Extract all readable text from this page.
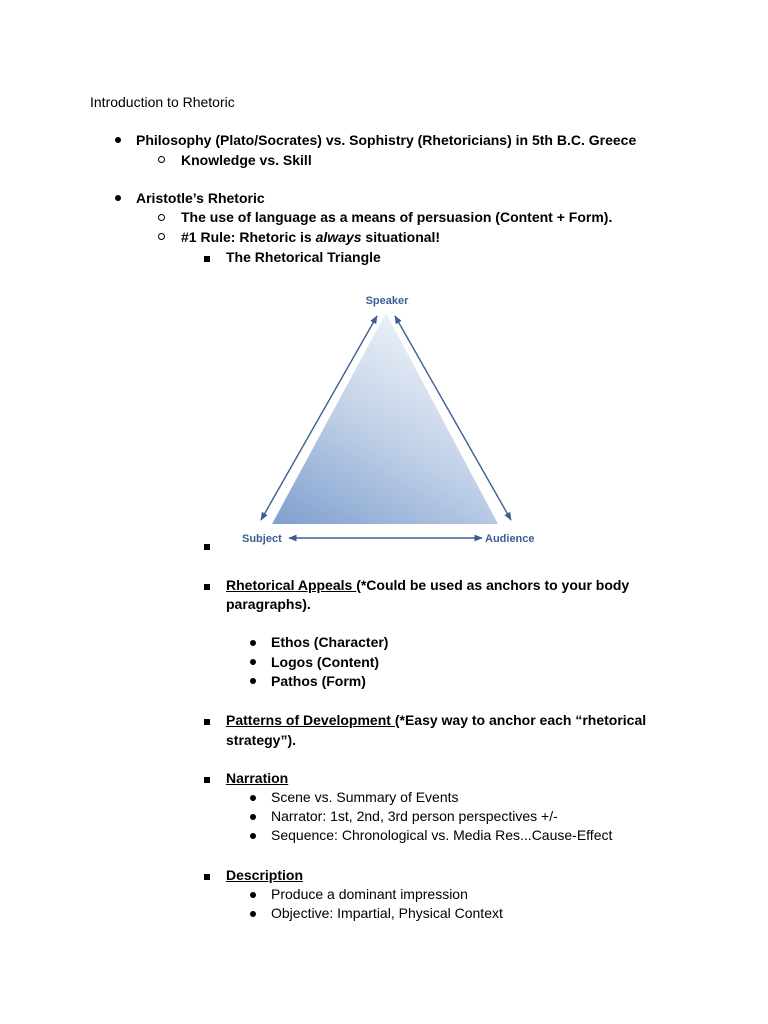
Introduction to Rhetoric
Philosophy (Plato/Socrates) vs. Sophistry (Rhetoricians) in 5th B.C. Greece
Knowledge vs. Skill
Aristotle’s Rhetoric
The use of language as a means of persuasion (Content + Form).
#1 Rule: Rhetoric is always situational!
The Rhetorical Triangle
Speaker
Subject	Audience
Rhetorical Appeals (*Could be used as anchors to your body
paragraphs).
Ethos (Character)
Logos (Content)
Pathos (Form)
Patterns of Development (*Easy way to anchor each “rhetorical
strategy”).
Narration
Scene vs. Summary of Events
Narrator: 1st, 2nd, 3rd person perspectives +/-
Sequence: Chronological vs. Media Res...Cause-Effect
Description
Produce a dominant impression
Objective: Impartial, Physical Context
